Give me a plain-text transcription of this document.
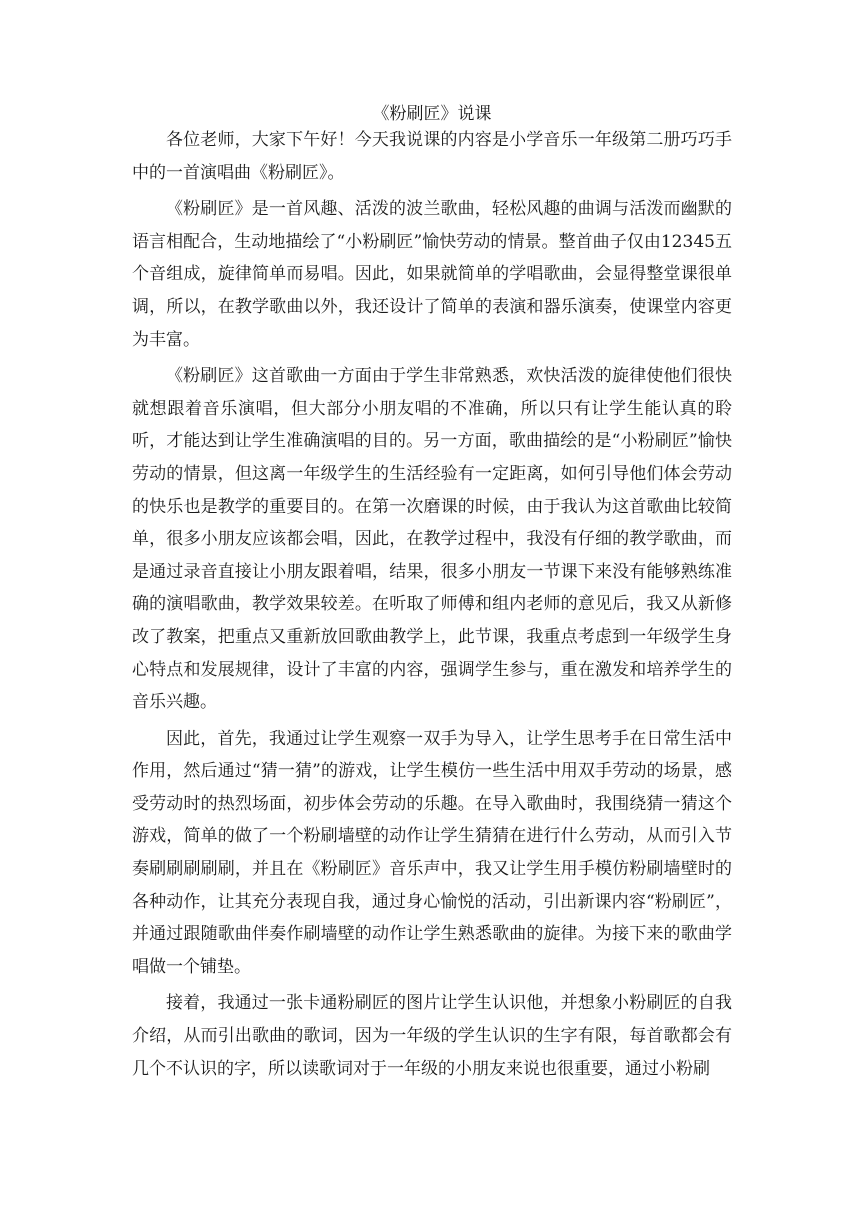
《粉刷匠》说课

各位老师，大家下午好！今天我说课的内容是小学音乐一年级第二册巧巧手中的一首演唱曲《粉刷匠》。

《粉刷匠》是一首风趣、活泼的波兰歌曲，轻松风趣的曲调与活泼而幽默的语言相配合，生动地描绘了“小粉刷匠”愉快劳动的情景。整首曲子仅由12345五个音组成，旋律简单而易唱。因此，如果就简单的学唱歌曲，会显得整堂课很单调，所以，在教学歌曲以外，我还设计了简单的表演和器乐演奏，使课堂内容更为丰富。

《粉刷匠》这首歌曲一方面由于学生非常熟悉，欢快活泼的旋律使他们很快就想跟着音乐演唱，但大部分小朋友唱的不准确，所以只有让学生能认真的聆听，才能达到让学生准确演唱的目的。另一方面，歌曲描绘的是“小粉刷匠”愉快劳动的情景，但这离一年级学生的生活经验有一定距离，如何引导他们体会劳动的快乐也是教学的重要目的。在第一次磨课的时候，由于我认为这首歌曲比较简单，很多小朋友应该都会唱，因此，在教学过程中，我没有仔细的教学歌曲，而是通过录音直接让小朋友跟着唱，结果，很多小朋友一节课下来没有能够熟练准确的演唱歌曲，教学效果较差。在听取了师傅和组内老师的意见后，我又从新修改了教案，把重点又重新放回歌曲教学上，此节课，我重点考虑到一年级学生身心特点和发展规律，设计了丰富的内容，强调学生参与，重在激发和培养学生的音乐兴趣。

因此，首先，我通过让学生观察一双手为导入，让学生思考手在日常生活中作用，然后通过“猜一猜”的游戏，让学生模仿一些生活中用双手劳动的场景，感受劳动时的热烈场面，初步体会劳动的乐趣。在导入歌曲时，我围绕猜一猜这个游戏，简单的做了一个粉刷墙壁的动作让学生猜猜在进行什么劳动，从而引入节奏刷刷刷刷刷，并且在《粉刷匠》音乐声中，我又让学生用手模仿粉刷墙壁时的各种动作，让其充分表现自我，通过身心愉悦的活动，引出新课内容“粉刷匠”，并通过跟随歌曲伴奏作刷墙壁的动作让学生熟悉歌曲的旋律。为接下来的歌曲学唱做一个铺垫。

接着，我通过一张卡通粉刷匠的图片让学生认识他，并想象小粉刷匠的自我介绍，从而引出歌曲的歌词，因为一年级的学生认识的生字有限，每首歌都会有几个不认识的字，所以读歌词对于一年级的小朋友来说也很重要，通过小粉刷
